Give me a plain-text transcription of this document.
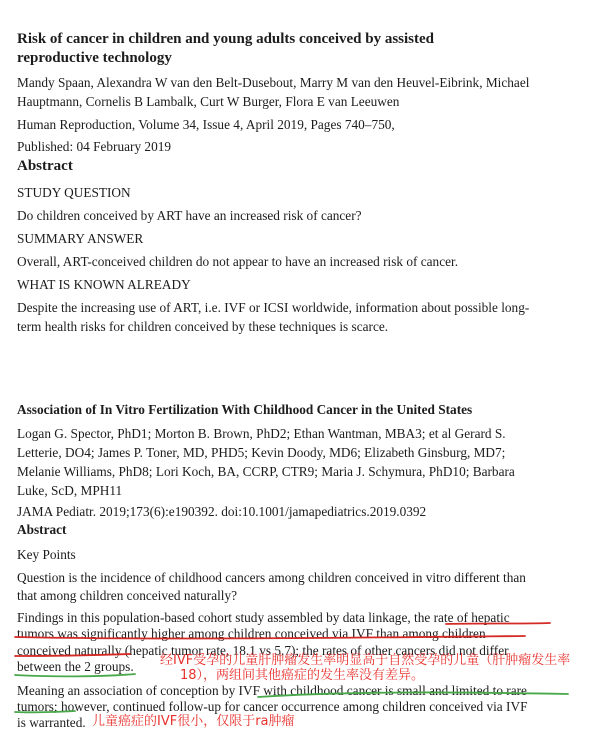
Risk of cancer in children and young adults conceived by assisted
reproductive technology
Mandy Spaan, Alexandra W van den Belt-Dusebout, Marry M van den Heuvel-Eibrink, Michael
Hauptmann, Cornelis B Lambalk, Curt W Burger, Flora E van Leeuwen
Human Reproduction, Volume 34, Issue 4, April 2019, Pages 740–750,
Published: 04 February 2019
Abstract
STUDY QUESTION
Do children conceived by ART have an increased risk of cancer?
SUMMARY ANSWER
Overall, ART-conceived children do not appear to have an increased risk of cancer.
WHAT IS KNOWN ALREADY
Despite the increasing use of ART, i.e. IVF or ICSI worldwide, information about possible long-
term health risks for children conceived by these techniques is scarce.
Association of In Vitro Fertilization With Childhood Cancer in the United States
Logan G. Spector, PhD1; Morton B. Brown, PhD2; Ethan Wantman, MBA3; et al Gerard S.
Letterie, DO4; James P. Toner, MD, PHD5; Kevin Doody, MD6; Elizabeth Ginsburg, MD7;
Melanie Williams, PhD8; Lori Koch, BA, CCRP, CTR9; Maria J. Schymura, PhD10; Barbara
Luke, ScD, MPH11
JAMA Pediatr. 2019;173(6):e190392. doi:10.1001/jamapediatrics.2019.0392
Abstract
Key Points
Question is the incidence of childhood cancers among children conceived in vitro different than
that among children conceived naturally?
Findings in this population-based cohort study assembled by data linkage, the rate of hepatic
tumors was significantly higher among children conceived via IVF than among children
conceived naturally (hepatic tumor rate, 18.1 vs 5.7); the rates of other cancers did not differ
between the 2 groups.
Meaning an association of conception by IVF with childhood cancer is small and limited to rare
tumors; however, continued follow-up for cancer occurrence among children conceived via IVF
is warranted.
经IVF受孕的儿童肝肿瘤发生率明显高于自然受孕的儿童（肝肿瘤发生率
18），两组间其他癌症的发生率没有差异。
儿童癌症的IVF很小，仅限于ra肿瘤
